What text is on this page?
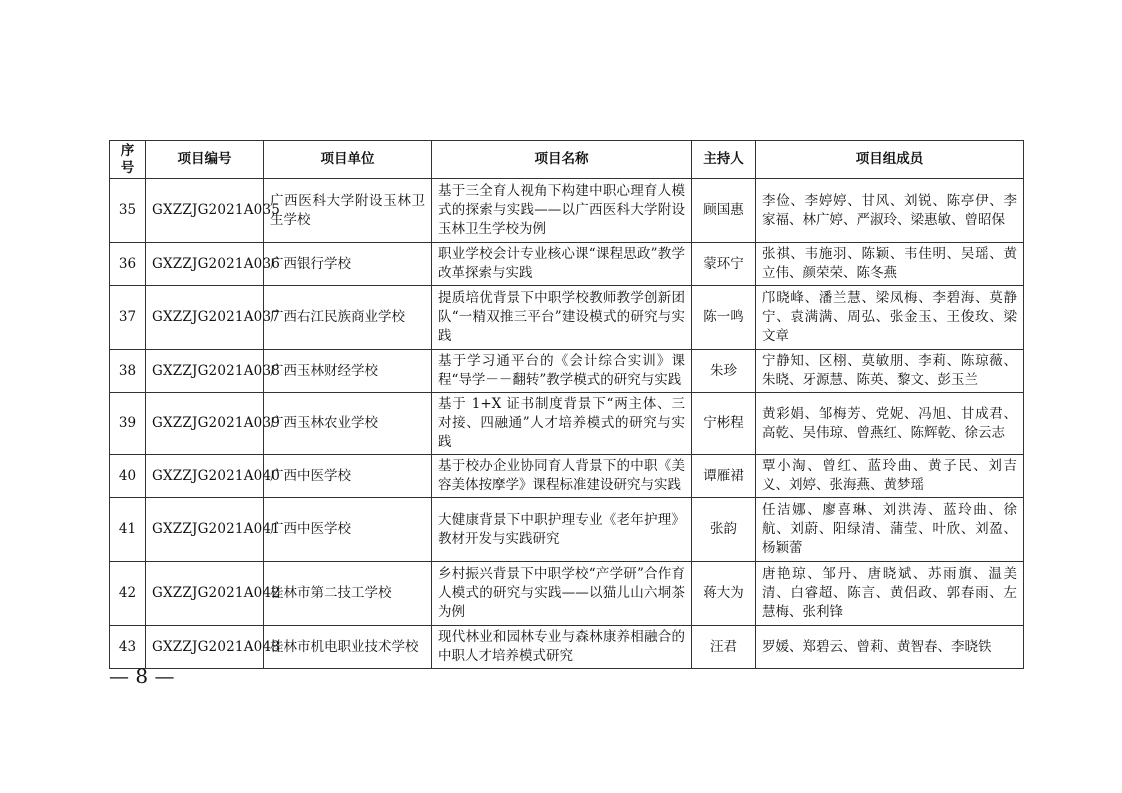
序
号	项目编号	项目单位	项目名称	主持人	项目组成员
35	GXZZJG2021A035	广西医科大学附设玉林卫生学校	基于三全育人视角下构建中职心理育人模式的探索与实践——以广西医科大学附设玉林卫生学校为例	顾国惠	李俭、李婷婷、甘风、刘锐、陈亭伊、李家福、林广婷、严淑玲、梁惠敏、曾昭保
36	GXZZJG2021A036	广西银行学校	职业学校会计专业核心课“课程思政”教学改革探索与实践	蒙环宁	张祺、韦施羽、陈颖、韦佳明、吴瑶、黄立伟、颜荣荣、陈冬燕
37	GXZZJG2021A037	广西右江民族商业学校	提质培优背景下中职学校教师教学创新团队“一精双推三平台”建设模式的研究与实践	陈一鸣	邝晓峰、潘兰慧、梁凤梅、李碧海、莫静宁、袁满满、周弘、张金玉、王俊玫、梁文章
38	GXZZJG2021A038	广西玉林财经学校	基于学习通平台的《会计综合实训》课程“导学－－翻转”教学模式的研究与实践	朱珍	宁静知、区栩、莫敏朋、李莉、陈琼薇、朱晓、牙源慧、陈英、黎文、彭玉兰
39	GXZZJG2021A039	广西玉林农业学校	基于 1+X 证书制度背景下“两主体、三对接、四融通”人才培养模式的研究与实践	宁彬程	黄彩娟、邹梅芳、党妮、冯旭、甘成君、高乾、吴伟琼、曾燕红、陈辉乾、徐云志
40	GXZZJG2021A040	广西中医学校	基于校办企业协同育人背景下的中职《美容美体按摩学》课程标准建设研究与实践	谭雁裙	覃小淘、曾红、蓝玲曲、黄子民、刘吉义、刘婷、张海燕、黄梦瑶
41	GXZZJG2021A041	广西中医学校	大健康背景下中职护理专业《老年护理》教材开发与实践研究	张韵	任洁娜、廖喜琳、刘洪涛、蓝玲曲、徐航、刘蔚、阳绿清、蒲莹、叶欣、刘盈、杨颖蕾
42	GXZZJG2021A042	桂林市第二技工学校	乡村振兴背景下中职学校“产学研”合作育人模式的研究与实践——以猫儿山六垌茶为例	蒋大为	唐艳琼、邹丹、唐晓斌、苏雨旗、温美清、白睿超、陈言、黄侣政、郭春雨、左慧梅、张利锋
43	GXZZJG2021A043	桂林市机电职业技术学校	现代林业和园林专业与森林康养相融合的中职人才培养模式研究	汪君	罗媛、郑碧云、曾莉、黄智春、李晓铁
— 8 —
